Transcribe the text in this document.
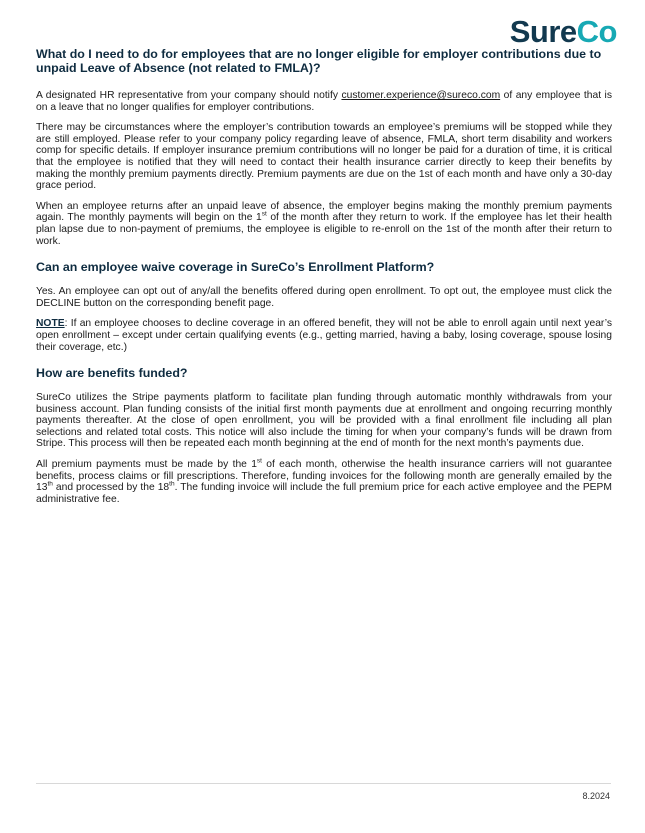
SureCo
What do I need to do for employees that are no longer eligible for employer contributions due to unpaid Leave of Absence (not related to FMLA)?

A designated HR representative from your company should notify customer.experience@sureco.com of any employee that is on a leave that no longer qualifies for employer contributions.

There may be circumstances where the employer’s contribution towards an employee’s premiums will be stopped while they are still employed. Please refer to your company policy regarding leave of absence, FMLA, short term disability and workers comp for specific details. If employer insurance premium contributions will no longer be paid for a duration of time, it is critical that the employee is notified that they will need to contact their health insurance carrier directly to keep their benefits by making the monthly premium payments directly. Premium payments are due on the 1st of each month and have only a 30-day grace period.

When an employee returns after an unpaid leave of absence, the employer begins making the monthly premium payments again. The monthly payments will begin on the 1st of the month after they return to work. If the employee has let their health plan lapse due to non-payment of premiums, the employee is eligible to re-enroll on the 1st of the month after their return to work.

Can an employee waive coverage in SureCo’s Enrollment Platform?

Yes. An employee can opt out of any/all the benefits offered during open enrollment. To opt out, the employee must click the DECLINE button on the corresponding benefit page.

NOTE: If an employee chooses to decline coverage in an offered benefit, they will not be able to enroll again until next year’s open enrollment – except under certain qualifying events (e.g., getting married, having a baby, losing coverage, spouse losing their coverage, etc.)

How are benefits funded?

SureCo utilizes the Stripe payments platform to facilitate plan funding through automatic monthly withdrawals from your business account. Plan funding consists of the initial first month payments due at enrollment and ongoing recurring monthly payments thereafter. At the close of open enrollment, you will be provided with a final enrollment file including all plan selections and related total costs. This notice will also include the timing for when your company’s funds will be drawn from Stripe. This process will then be repeated each month beginning at the end of month for the next month’s payments due.

All premium payments must be made by the 1st of each month, otherwise the health insurance carriers will not guarantee benefits, process claims or fill prescriptions. Therefore, funding invoices for the following month are generally emailed by the 13th and processed by the 18th. The funding invoice will include the full premium price for each active employee and the PEPM administrative fee.

8.2024
